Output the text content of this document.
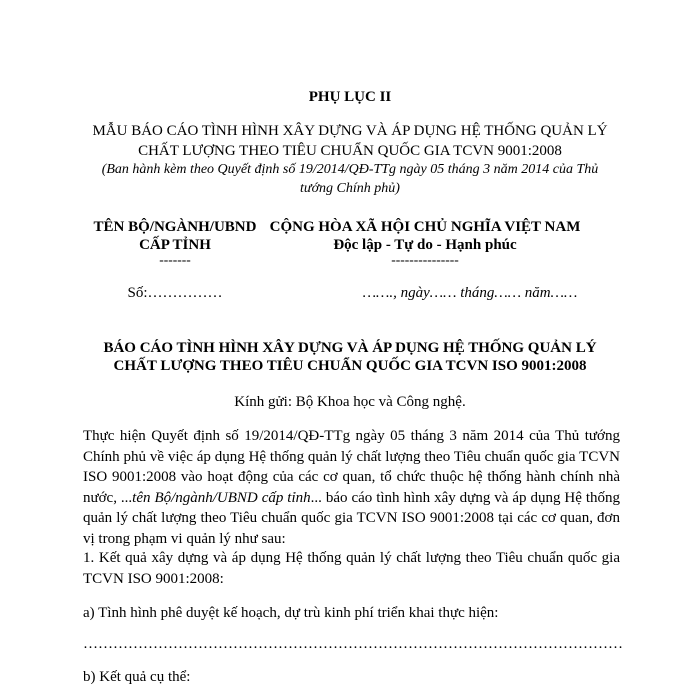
PHỤ LỤC II
MẪU BÁO CÁO TÌNH HÌNH XÂY DỰNG VÀ ÁP DỤNG HỆ THỐNG QUẢN LÝ
CHẤT LƯỢNG THEO TIÊU CHUẨN QUỐC GIA TCVN 9001:2008
(Ban hành kèm theo Quyết định số 19/2014/QĐ-TTg ngày 05 tháng 3 năm 2014 của Thủ
tướng Chính phủ)
TÊN BỘ/NGÀNH/UBND
CẤP TỈNH
-------
Số:……………
CỘNG HÒA XÃ HỘI CHỦ NGHĨA VIỆT NAM
Độc lập - Tự do - Hạnh phúc
---------------
……., ngày…… tháng…… năm……
BÁO CÁO TÌNH HÌNH XÂY DỰNG VÀ ÁP DỤNG HỆ THỐNG QUẢN LÝ
CHẤT LƯỢNG THEO TIÊU CHUẨN QUỐC GIA TCVN ISO 9001:2008
Kính gửi: Bộ Khoa học và Công nghệ.
Thực hiện Quyết định số 19/2014/QĐ-TTg ngày 05 tháng 3 năm 2014 của Thủ tướng Chính phủ về việc áp dụng Hệ thống quản lý chất lượng theo Tiêu chuẩn quốc gia TCVN ISO 9001:2008 vào hoạt động của các cơ quan, tổ chức thuộc hệ thống hành chính nhà nước, ...tên Bộ/ngành/UBND cấp tỉnh... báo cáo tình hình xây dựng và áp dụng Hệ thống quản lý chất lượng theo Tiêu chuẩn quốc gia TCVN ISO 9001:2008 tại các cơ quan, đơn vị trong phạm vi quản lý như sau:
1. Kết quả xây dựng và áp dụng Hệ thống quản lý chất lượng theo Tiêu chuẩn quốc gia TCVN ISO 9001:2008:
a) Tình hình phê duyệt kế hoạch, dự trù kinh phí triển khai thực hiện:
………………………………………………………………………………………………
b) Kết quả cụ thể:
